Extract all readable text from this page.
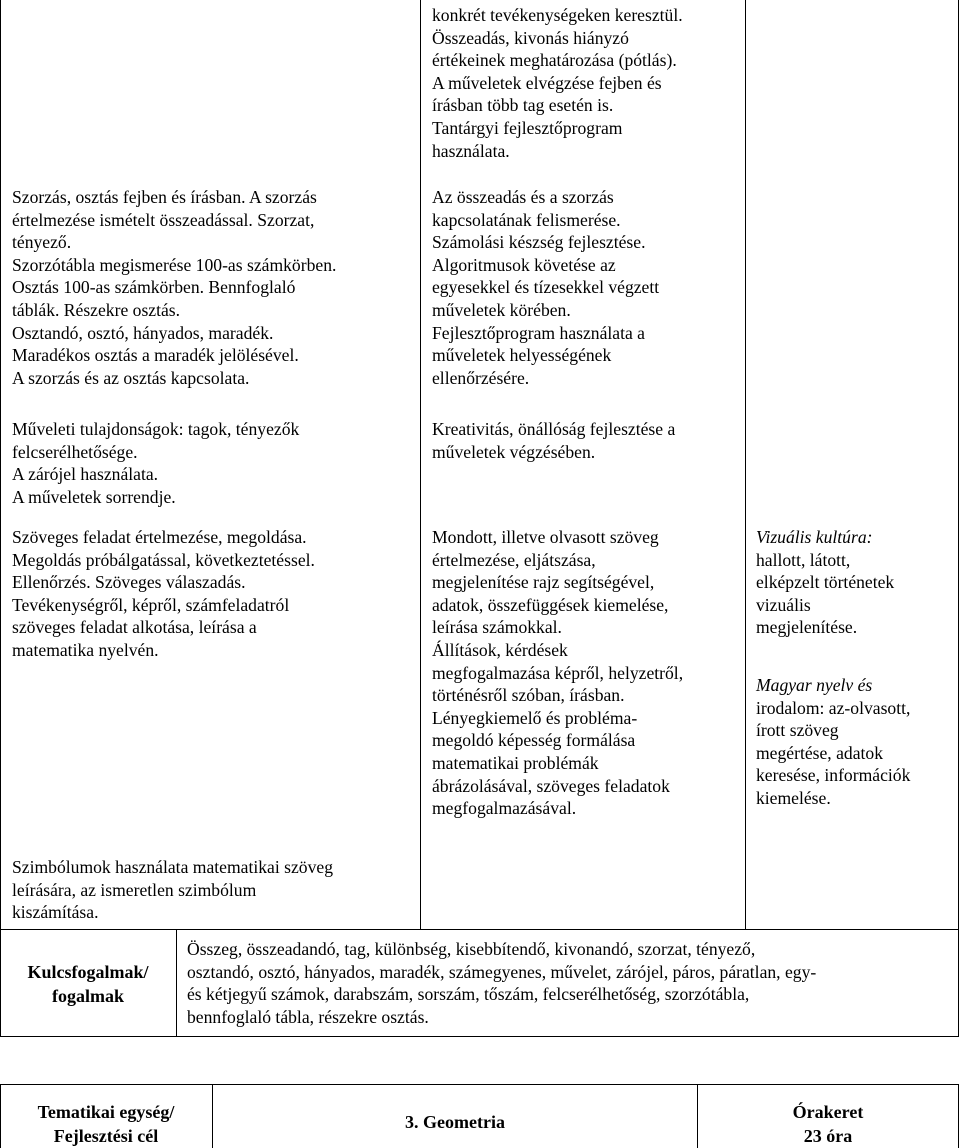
konkrét tevékenységeken keresztül.

Összeadás, kivonás hiányzó

értékeinek meghatározása (pótlás).

A műveletek elvégzése fejben és

írásban több tag esetén is.

Tantárgyi fejlesztőprogram

használata.

Szorzás, osztás fejben és írásban. A szorzás

értelmezése ismételt összeadással. Szorzat,

tényező.

Szorzótábla megismerése 100-as számkörben.

Osztás 100-as számkörben. Bennfoglaló

táblák. Részekre osztás.

Osztandó, osztó, hányados, maradék.

Maradékos osztás a maradék jelölésével.

A szorzás és az osztás kapcsolata.

Műveleti tulajdonságok: tagok, tényezők

felcserélhetősége.

A zárójel használata.

A műveletek sorrendje.

Szöveges feladat értelmezése, megoldása.

Megoldás próbálgatással, következtetéssel.

Ellenőrzés. Szöveges válaszadás.

Tevékenységről, képről, számfeladatról

szöveges feladat alkotása, leírása a

matematika nyelvén.

Szimbólumok használata matematikai szöveg

leírására, az ismeretlen szimbólum

kiszámítása.

Az összeadás és a szorzás

kapcsolatának felismerése.

Számolási készség fejlesztése.

Algoritmusok követése az

egyesekkel és tízesekkel végzett

műveletek körében.

Fejlesztőprogram használata a

műveletek helyességének

ellenőrzésére.

Kreativitás, önállóság fejlesztése a

műveletek végzésében.

Mondott, illetve olvasott szöveg

értelmezése, eljátszása,

megjelenítése rajz segítségével,

adatok, összefüggések kiemelése,

leírása számokkal.

Állítások, kérdések

megfogalmazása képről, helyzetről,

történésről szóban, írásban.

Lényegkiemelő és probléma-

megoldó képesség formálása

matematikai problémák

ábrázolásával, szöveges feladatok

megfogalmazásával.

Vizuális kultúra:

hallott, látott,

elképzelt történetek

vizuális

megjelenítése.

Magyar nyelv és

irodalom: az-olvasott,

írott szöveg

megértése, adatok

keresése, információk

kiemelése.

Kulcsfogalmak/

fogalmak

Összeg, összeadandó, tag, különbség, kisebbítendő, kivonandó, szorzat, tényező,

osztandó, osztó, hányados, maradék, számegyenes, művelet, zárójel, páros, páratlan, egy-

és kétjegyű számok, darabszám, sorszám, tőszám, felcserélhetőség, szorzótábla,

bennfoglaló tábla, részekre osztás.

Tematikai egység/

Fejlesztési cél

3. Geometria	Órakeret

23 óra
